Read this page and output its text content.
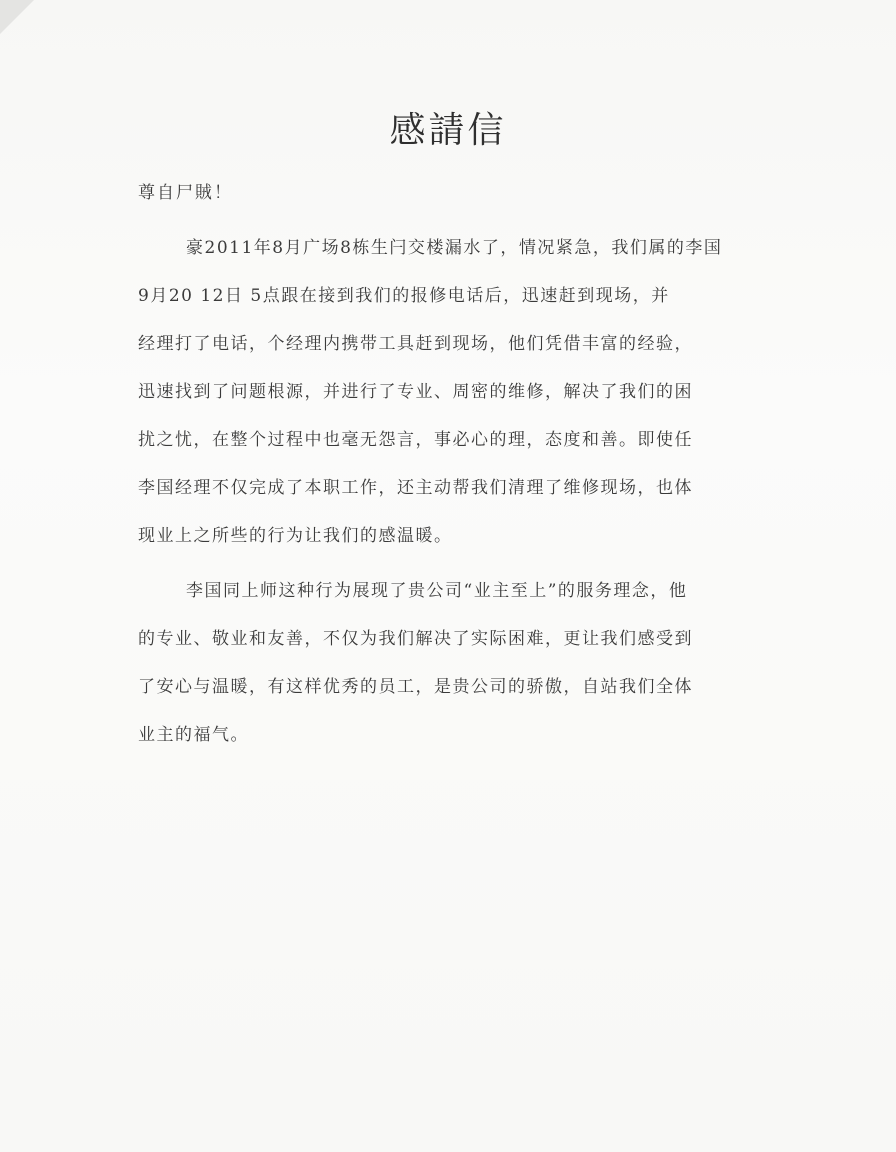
感請信
尊自尸賊！
豪2011年8月广场8栋生闩交楼漏水了，情况紧急，我们属的李国
9月20 12日 5点跟在接到我们的报修电话后，迅速赶到现场，并
经理打了电话，个经理内携带工具赶到现场，他们凭借丰富的经验，
迅速找到了问题根源，并进行了专业、周密的维修，解决了我们的困
扰之忧，在整个过程中也毫无怨言，事必心的理，态度和善。即使任
李国经理不仅完成了本职工作，还主动帮我们清理了维修现场，也体
现业上之所些的行为让我们的感温暖。
李国同上师这种行为展现了贵公司“业主至上”的服务理念，他
的专业、敬业和友善，不仅为我们解决了实际困难，更让我们感受到
了安心与温暖，有这样优秀的员工，是贵公司的骄傲，自站我们全体
业主的福气。
